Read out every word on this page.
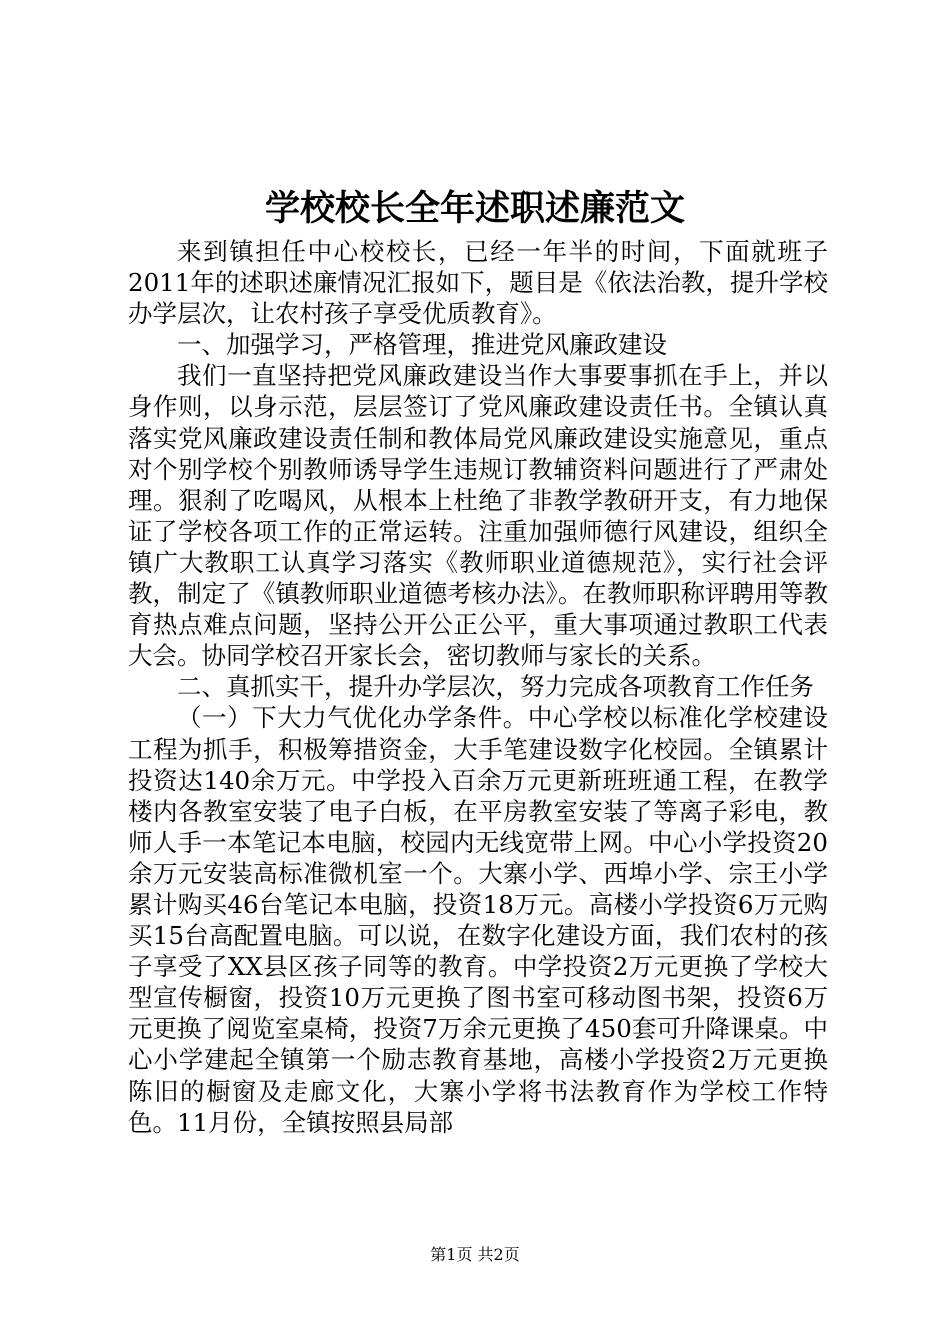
学校校长全年述职述廉范文

来到镇担任中心校校长，已经一年半的时间，下面就班子2011年的述职述廉情况汇报如下，题目是《依法治教，提升学校办学层次，让农村孩子享受优质教育》。

一、加强学习，严格管理，推进党风廉政建设

我们一直坚持把党风廉政建设当作大事要事抓在手上，并以身作则，以身示范，层层签订了党风廉政建设责任书。全镇认真落实党风廉政建设责任制和教体局党风廉政建设实施意见，重点对个别学校个别教师诱导学生违规订教辅资料问题进行了严肃处理。狠刹了吃喝风，从根本上杜绝了非教学教研开支，有力地保证了学校各项工作的正常运转。注重加强师德行风建设，组织全镇广大教职工认真学习落实《教师职业道德规范》，实行社会评教，制定了《镇教师职业道德考核办法》。在教师职称评聘用等教育热点难点问题，坚持公开公正公平，重大事项通过教职工代表大会。协同学校召开家长会，密切教师与家长的关系。

二、真抓实干，提升办学层次，努力完成各项教育工作任务

（一）下大力气优化办学条件。中心学校以标准化学校建设工程为抓手，积极筹措资金，大手笔建设数字化校园。全镇累计投资达140余万元。中学投入百余万元更新班班通工程，在教学楼内各教室安装了电子白板，在平房教室安装了等离子彩电，教师人手一本笔记本电脑，校园内无线宽带上网。中心小学投资20余万元安装高标准微机室一个。大寨小学、西埠小学、宗王小学累计购买46台笔记本电脑，投资18万元。高楼小学投资6万元购买15台高配置电脑。可以说，在数字化建设方面，我们农村的孩子享受了XX县区孩子同等的教育。中学投资2万元更换了学校大型宣传橱窗，投资10万元更换了图书室可移动图书架，投资6万元更换了阅览室桌椅，投资7万余元更换了450套可升降课桌。中心小学建起全镇第一个励志教育基地，高楼小学投资2万元更换陈旧的橱窗及走廊文化，大寨小学将书法教育作为学校工作特色。11月份，全镇按照县局部

第1页 共2页
